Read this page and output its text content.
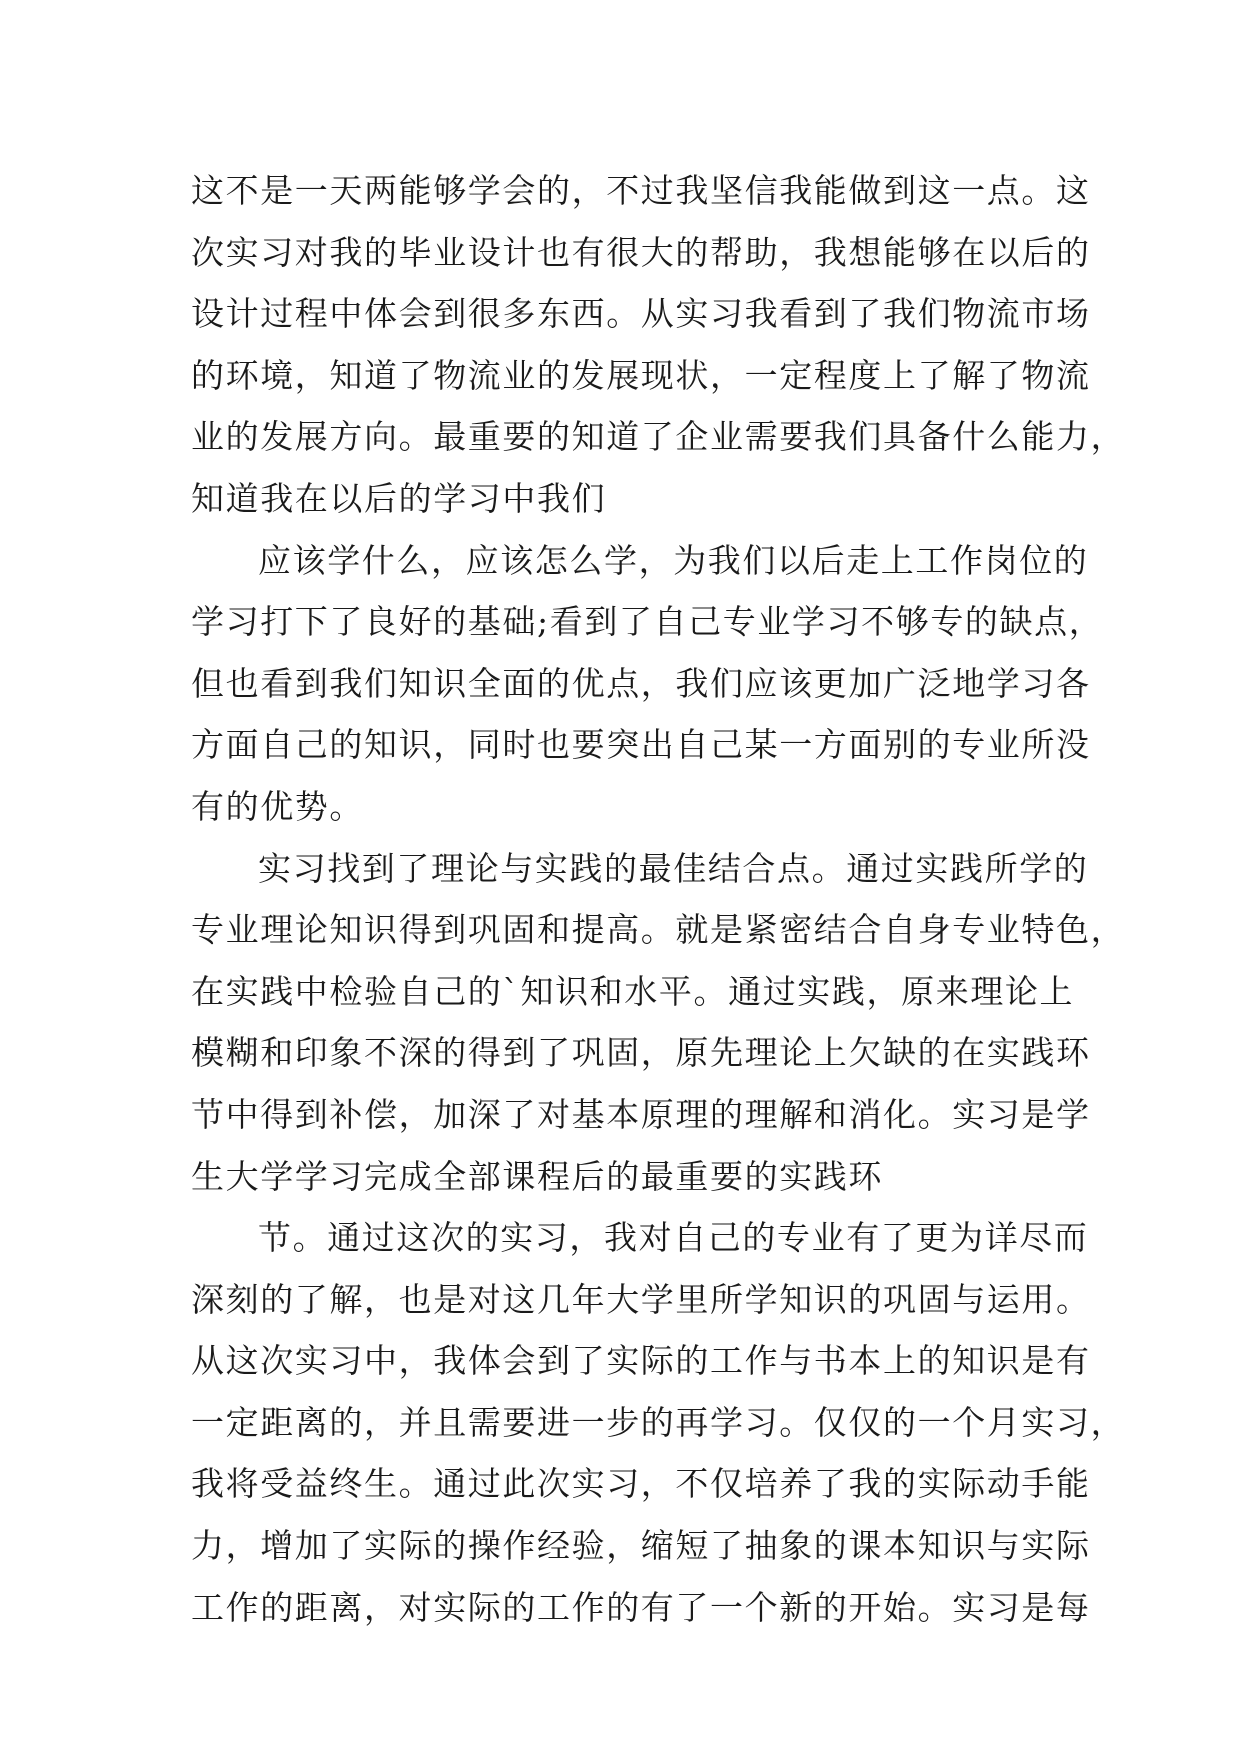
这不是一天两能够学会的，不过我坚信我能做到这一点。这
次实习对我的毕业设计也有很大的帮助，我想能够在以后的
设计过程中体会到很多东西。从实习我看到了我们物流市场
的环境，知道了物流业的发展现状，一定程度上了解了物流
业的发展方向。最重要的知道了企业需要我们具备什么能力，
知道我在以后的学习中我们
应该学什么，应该怎么学，为我们以后走上工作岗位的
学习打下了良好的基础;看到了自己专业学习不够专的缺点，
但也看到我们知识全面的优点，我们应该更加广泛地学习各
方面自己的知识，同时也要突出自己某一方面别的专业所没
有的优势。
实习找到了理论与实践的最佳结合点。通过实践所学的
专业理论知识得到巩固和提高。就是紧密结合自身专业特色，
在实践中检验自己的`知识和水平。通过实践，原来理论上
模糊和印象不深的得到了巩固，原先理论上欠缺的在实践环
节中得到补偿，加深了对基本原理的理解和消化。实习是学
生大学学习完成全部课程后的最重要的实践环
节。通过这次的实习，我对自己的专业有了更为详尽而
深刻的了解，也是对这几年大学里所学知识的巩固与运用。
从这次实习中，我体会到了实际的工作与书本上的知识是有
一定距离的，并且需要进一步的再学习。仅仅的一个月实习，
我将受益终生。通过此次实习，不仅培养了我的实际动手能
力，增加了实际的操作经验，缩短了抽象的课本知识与实际
工作的距离，对实际的工作的有了一个新的开始。实习是每
